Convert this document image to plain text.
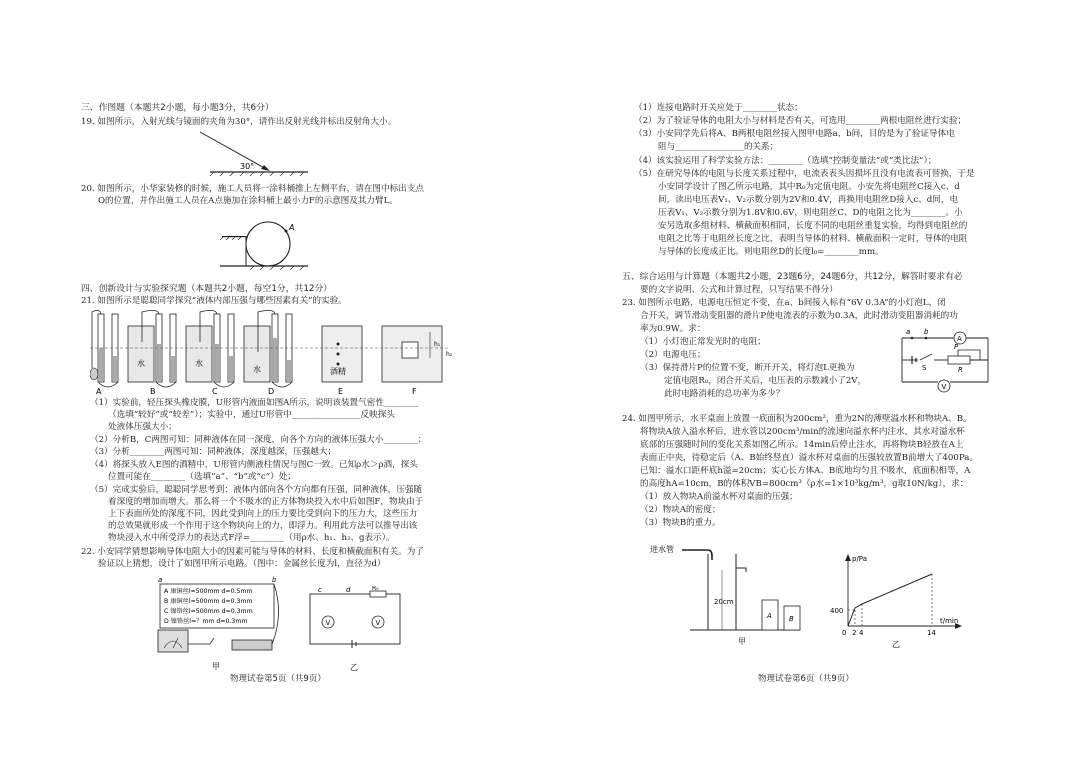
三、作图题（本题共2小题，每小题3分，共6分）
19. 如图所示，入射光线与镜面的夹角为30°，请作出反射光线并标出反射角大小。
30°
20. 如图所示，小华家装修的时候，施工人员将一涂料桶推上左侧平台，请在图中标出支点
O的位置，并作出施工人员在A点施加在涂料桶上最小力F的示意图及其力臂L。
A
四、创新设计与实验探究题（本题共2小题，每空1分，共12分）
21. 如图所示是聪聪同学探究“液体内部压强与哪些因素有关”的实验。
水	水
水	酒精
h₂
h₁
A	B	C	D	E	F
（1）实验前，轻压探头橡皮膜，U形管内液面如图A所示，说明该装置气密性________
（选填“较好”或“较差”）；实验中，通过U形管中________________反映探头
处液体压强大小；
（2）分析B，C两图可知：同种液体在同一深度，向各个方向的液体压强大小________；
（3）分析________两图可知：同种液体，深度越深，压强越大；
（4）将探头放入E图的酒精中，U形管内侧液柱情况与图C一致。已知ρ水＞ρ酒，探头
位置可能在________（选填“a”、“b”或“c”）处；
（5）完成实验后，聪聪同学思考到：液体内部向各个方向都有压强，同种液体，压强随
着深度的增加而增大。那么将一个不吸水的正方体物块投入水中后如图F，物块由于
上下表面所处的深度不同，因此受到向上的压力要比受到向下的压力大，这些压力
的总效果就形成一个作用于这个物块向上的力，即浮力。利用此方法可以推导出该
物块浸入水中所受浮力的表达式F浮=________（用ρ水、h₁、h₂、g表示）。
22. 小安同学猜想影响导体电阻大小的因素可能与导体的材料、长度和横截面积有关。为了
验证以上猜想，设计了如图甲所示电路。（图中：金属丝长度为l，直径为d）
a	b
A 康铜丝l=500mm d=0.5mm
B 康铜丝l=500mm d=0.3mm
C 镍铬丝l=500mm d=0.3mm
D 镍铬丝l=？mm d=0.3mm
甲
c	d	R₀
V	V
乙
物理试卷第5页（共9页）
（1）连接电路时开关应处于________状态；
（2）为了验证导体的电阻大小与材料是否有关，可选用________两根电阻丝进行实验；
（3）小安同学先后将A、B两根电阻丝接入图甲电路a、b间，目的是为了验证导体电
阻与________________的关系；
（4）该实验运用了科学实验方法：________（选填“控制变量法”或“类比法”）；
（5）在研究导体的电阻与长度关系过程中，电流表表头因损坏且没有电流表可替换，于是
小安同学设计了图乙所示电路，其中R₀为定值电阻。小安先将电阻丝C接入c、d
间，读出电压表V₁、V₂示数分别为2V和0.4V，再换用电阻丝D接入c、d间，电
压表V₁、V₂示数分别为1.8V和0.6V，则电阻丝C、D的电阻之比为________。小
安另选取多组材料、横截面积相同，长度不同的电阻丝重复实验，均得到电阻丝的
电阻之比等于电阻丝长度之比，表明当导体的材料、横截面积一定时，导体的电阻
与导体的长度成正比。则电阻丝D的长度l₀=________mm。
五、综合运用与计算题（本题共2小题，23题6分，24题6分，共12分，解答时要求有必
要的文字说明、公式和计算过程，只写结果不得分）
23. 如图所示电路，电源电压恒定不变，在a、b间接入标有“6V 0.3A”的小灯泡L，闭
合开关，调节滑动变阻器的滑片P使电流表的示数为0.3A，此时滑动变阻器消耗的功
率为0.9W。求：
（1）小灯泡正常发光时的电阻；
（2）电源电压；
（3）保持滑片P的位置不变，断开开关，将灯泡L更换为
定值电阻R₀，闭合开关后，电压表的示数减小了2V，
此时电路消耗的总功率为多少？
a b
A
S	R
P
V
24. 如图甲所示，水平桌面上放置一底面积为200cm²，重为2N的薄壁溢水杯和物块A、B。
将物块A放入溢水杯后，进水管以200cm³/min的流速向溢水杯内注水，其水对溢水杯
底部的压强随时间的变化关系如图乙所示。14min后停止注水，再将物块B轻放在A上
表面正中央，待稳定后（A、B始终竖直）溢水杯对桌面的压强较放置B前增大了400Pa。
已知：溢水口距杯底h溢=20cm；实心长方体A、B底地均匀且不吸水，底面积相等，A
的高度hA=10cm，B的体积VB=800cm³（ρ水=1×10³kg/m³，g取10N/kg），求：
（1）放入物块A前溢水杯对桌面的压强；
（2）物块A的密度；
（3）物块B的重力。
进水管
20cm
A B
甲
p/Pa
t/min
400
0 2 4	14
乙
物理试卷第6页（共9页）
